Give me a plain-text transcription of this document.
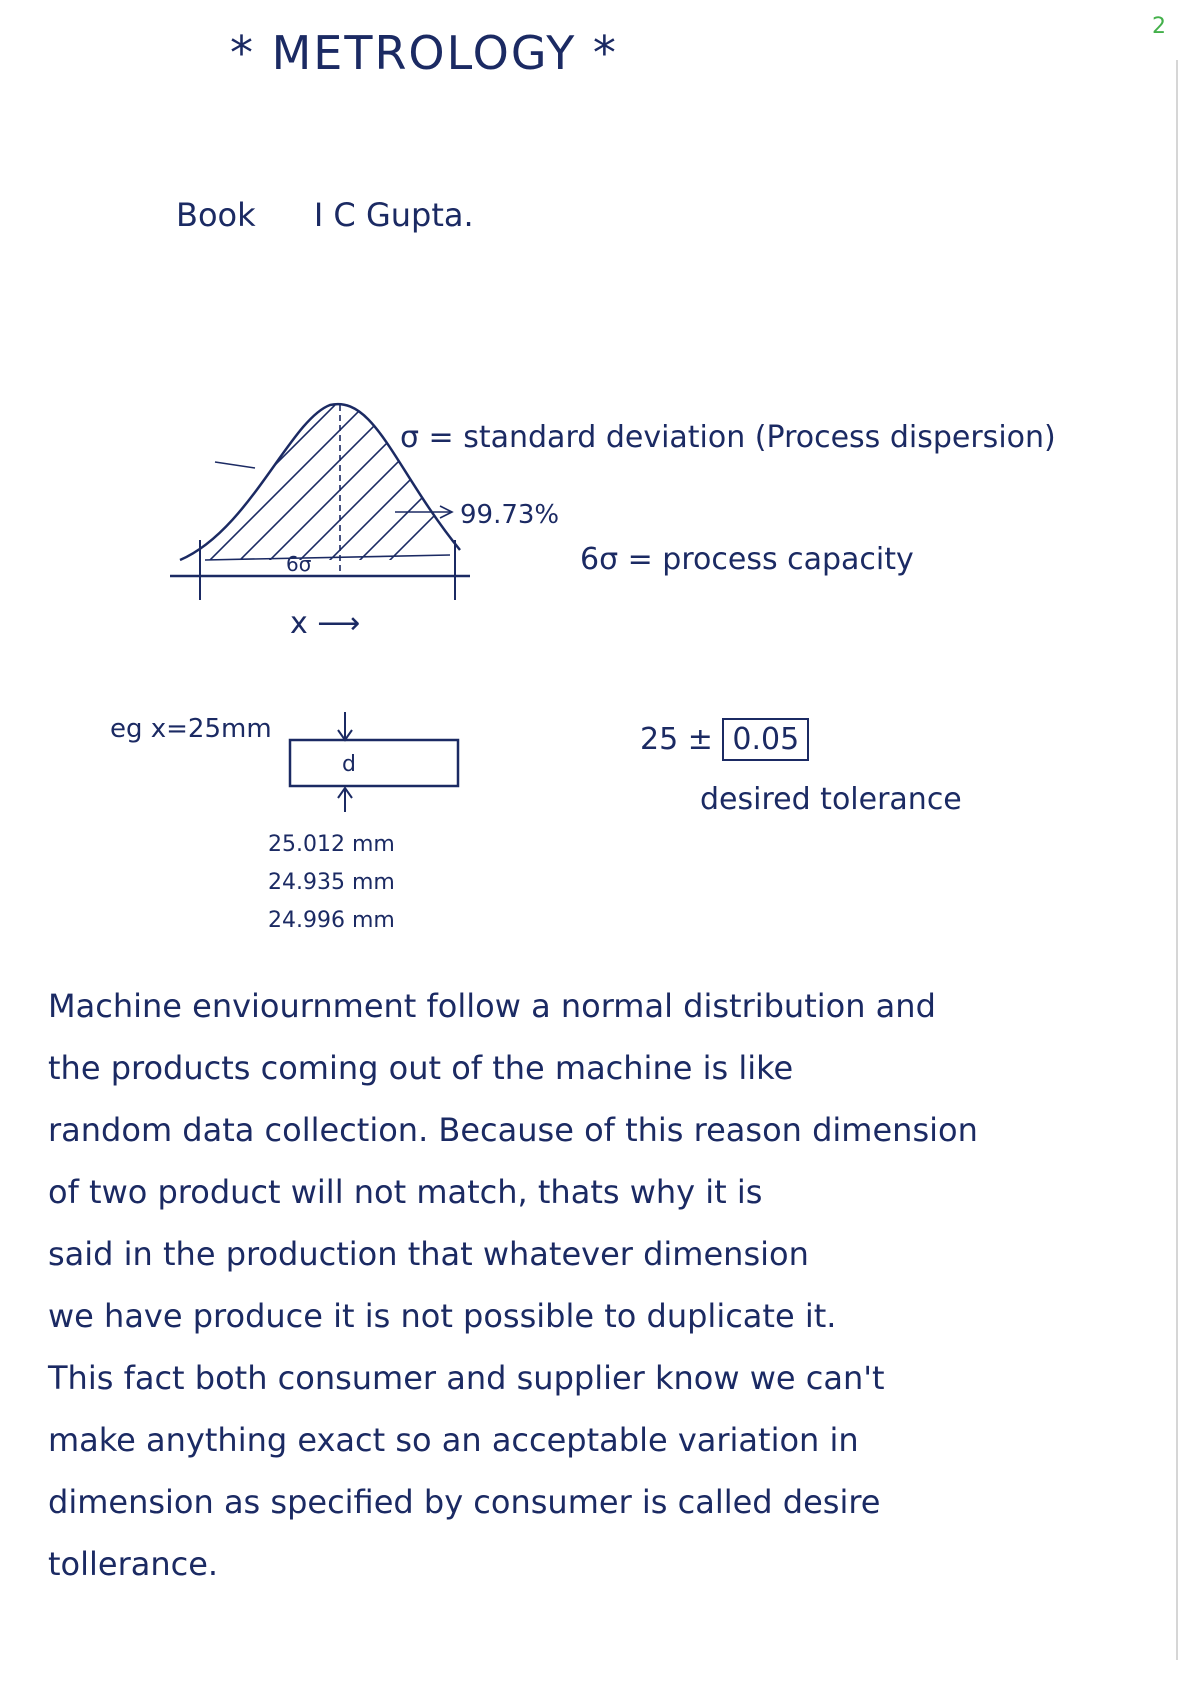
2
* METROLOGY *
Book I C Gupta.
σ = standard deviation (Process dispersion)
99.73%
6σ	6σ = process capacity
x ⟶
eg x=25mm
d
25.012 mm
24.935 mm
24.996 mm
25 ± 0.05
desired tolerance
Machine enviournment follow a normal distribution and
the products coming out of the machine is like
random data collection. Because of this reason dimension
of two product will not match, thats why it is
said in the production that whatever dimension
we have produce it is not possible to duplicate it.
This fact both consumer and supplier know we can't
make anything exact so an acceptable variation in
dimension as specified by consumer is called desire
tollerance.
